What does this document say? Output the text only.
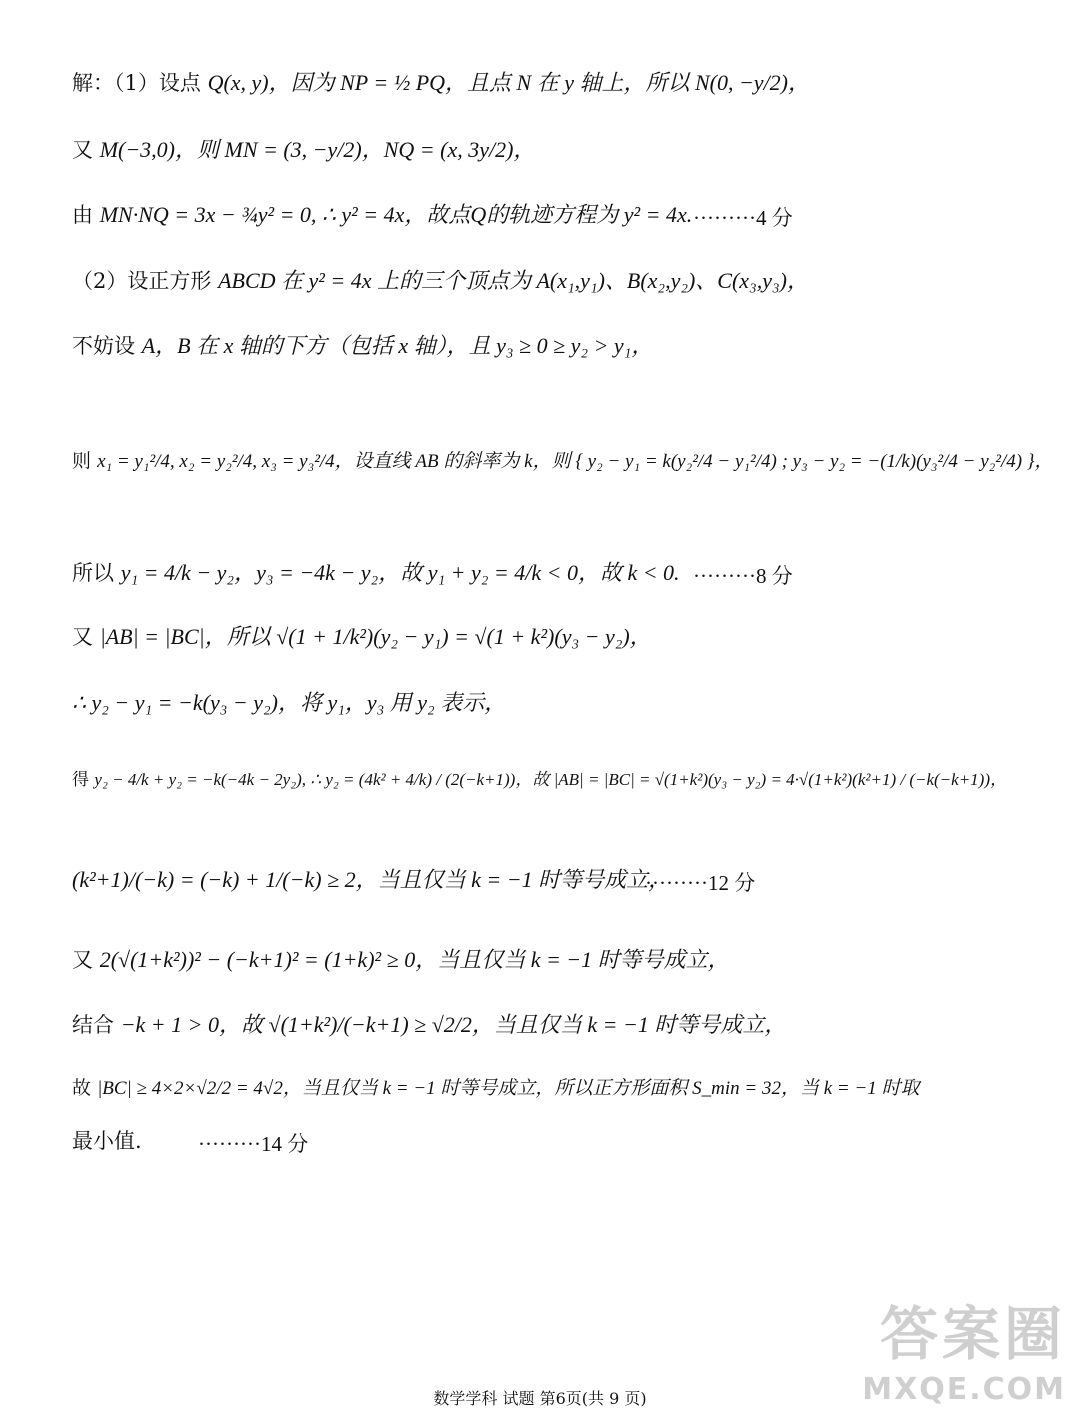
解：（1）设点 Q(x, y)，因为 NP = ½ PQ，且点 N 在 y 轴上，所以 N(0, −y/2)，
又 M(−3,0)，则 MN = (3, −y/2)，NQ = (x, 3y/2)，
由 MN·NQ = 3x − ¾y² = 0, ∴ y² = 4x，故点Q的轨迹方程为 y² = 4x. ·········4 分
（2）设正方形 ABCD 在 y² = 4x 上的三个顶点为 A(x₁,y₁)、B(x₂,y₂)、C(x₃,y₃)，
不妨设 A，B 在 x 轴的下方（包括 x 轴），且 y₃ ≥ 0 ≥ y₂ > y₁，
则 x₁ = y₁²/4, x₂ = y₂²/4, x₃ = y₃²/4，设直线 AB 的斜率为 k，则 { y₂ − y₁ = k(y₂²/4 − y₁²/4) ; y₃ − y₂ = −(1/k)(y₃²/4 − y₂²/4) }，
所以 y₁ = 4/k − y₂，y₃ = −4k − y₂，故 y₁ + y₂ = 4/k < 0，故 k < 0. ·········8 分
又 |AB| = |BC|，所以 √(1 + 1/k²)(y₂ − y₁) = √(1 + k²)(y₃ − y₂)，
∴ y₂ − y₁ = −k(y₃ − y₂)，将 y₁，y₃ 用 y₂ 表示，
得 y₂ − 4/k + y₂ = −k(−4k − 2y₂), ∴ y₂ = (4k² + 4/k) / (2(−k+1))，故 |AB| = |BC| = √(1+k²)(y₃ − y₂) = 4·√(1+k²)(k²+1) / (−k(−k+1))，
(k²+1)/(−k) = (−k) + 1/(−k) ≥ 2，当且仅当 k = −1 时等号成立，
·········12 分
又 2(√(1+k²))² − (−k+1)² = (1+k)² ≥ 0，当且仅当 k = −1 时等号成立，
结合 −k + 1 > 0，故 √(1+k²)/(−k+1) ≥ √2/2，当且仅当 k = −1 时等号成立，
故 |BC| ≥ 4×2×√2/2 = 4√2，当且仅当 k = −1 时等号成立，所以正方形面积 S_min = 32，当 k = −1 时取
最小值.	·········14 分
数学学科 试题 第6页(共 9 页)
答案圈
MXQE.COM
